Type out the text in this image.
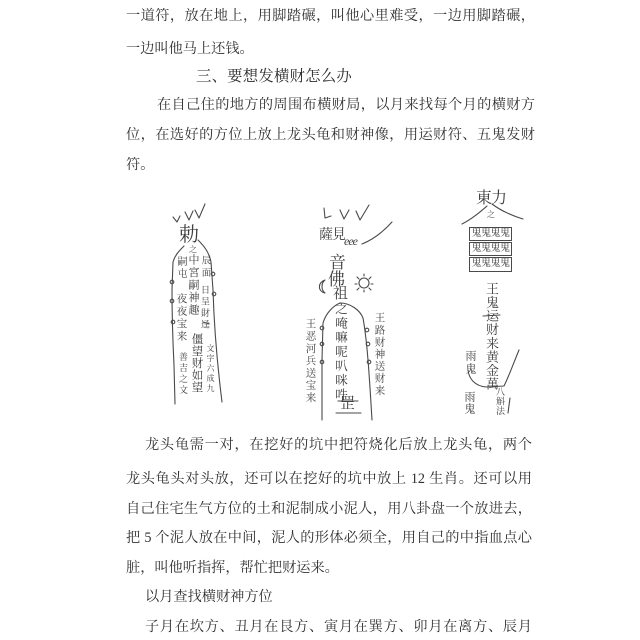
一道符，放在地上，用脚踏碾，叫他心里难受，一边用脚踏碾，
一边叫他马上还钱。
三、要想发横财怎么办
在自己住的地方的周围布横财局，以月来找每个月的横财方
位，在选好的方位上放上龙头龟和财神像，用运财符、五鬼发财
符。
勅
之
嗣屯
夜夜宝来
中宮嗣神趣
僵望财如望
辰面
日呈財迳
文字六成九
善吉之文
薩見 eee
音
佛
祖
之唵嘛呢叭咪吽
罡
王恶河兵送宝来	王路财神送财来
東力
之
鬼鬼鬼鬼
鬼鬼鬼鬼
鬼鬼鬼鬼
王鬼运财来黄金萬
雨鬼
雨鬼 八斛法
龙头龟需一对，在挖好的坑中把符烧化后放上龙头龟，两个
龙头龟头对头放，还可以在挖好的坑中放上 12 生肖。还可以用
自己住宅生气方位的土和泥制成小泥人，用八卦盘一个放进去，
把 5 个泥人放在中间，泥人的形体必须全，用自己的中指血点心
脏，叫他听指挥，帮忙把财运来。
以月查找横财神方位
子月在坎方、丑月在艮方、寅月在巽方、卯月在离方、辰月
